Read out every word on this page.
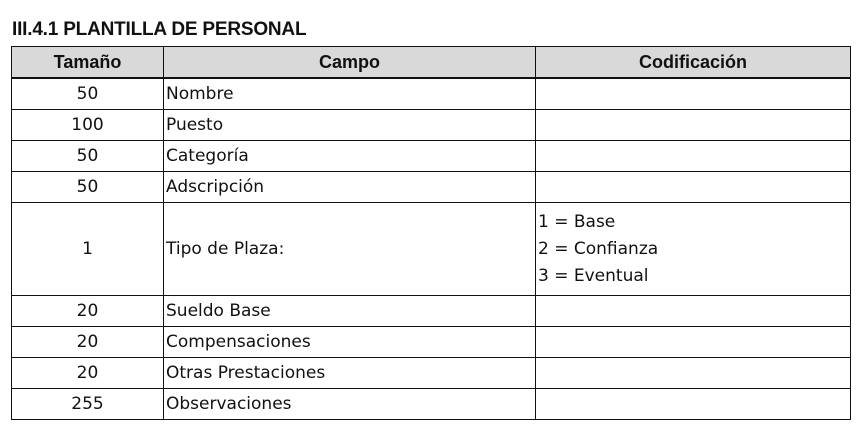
III.4.1 PLANTILLA DE PERSONAL
Tamaño	Campo	Codificación
50	Nombre	
100	Puesto	
50	Categoría	
50	Adscripción	
1	Tipo de Plaza:	1 = Base
2 = Confianza
3 = Eventual

20	Sueldo Base	
20	Compensaciones	
20	Otras Prestaciones	
255	Observaciones	
